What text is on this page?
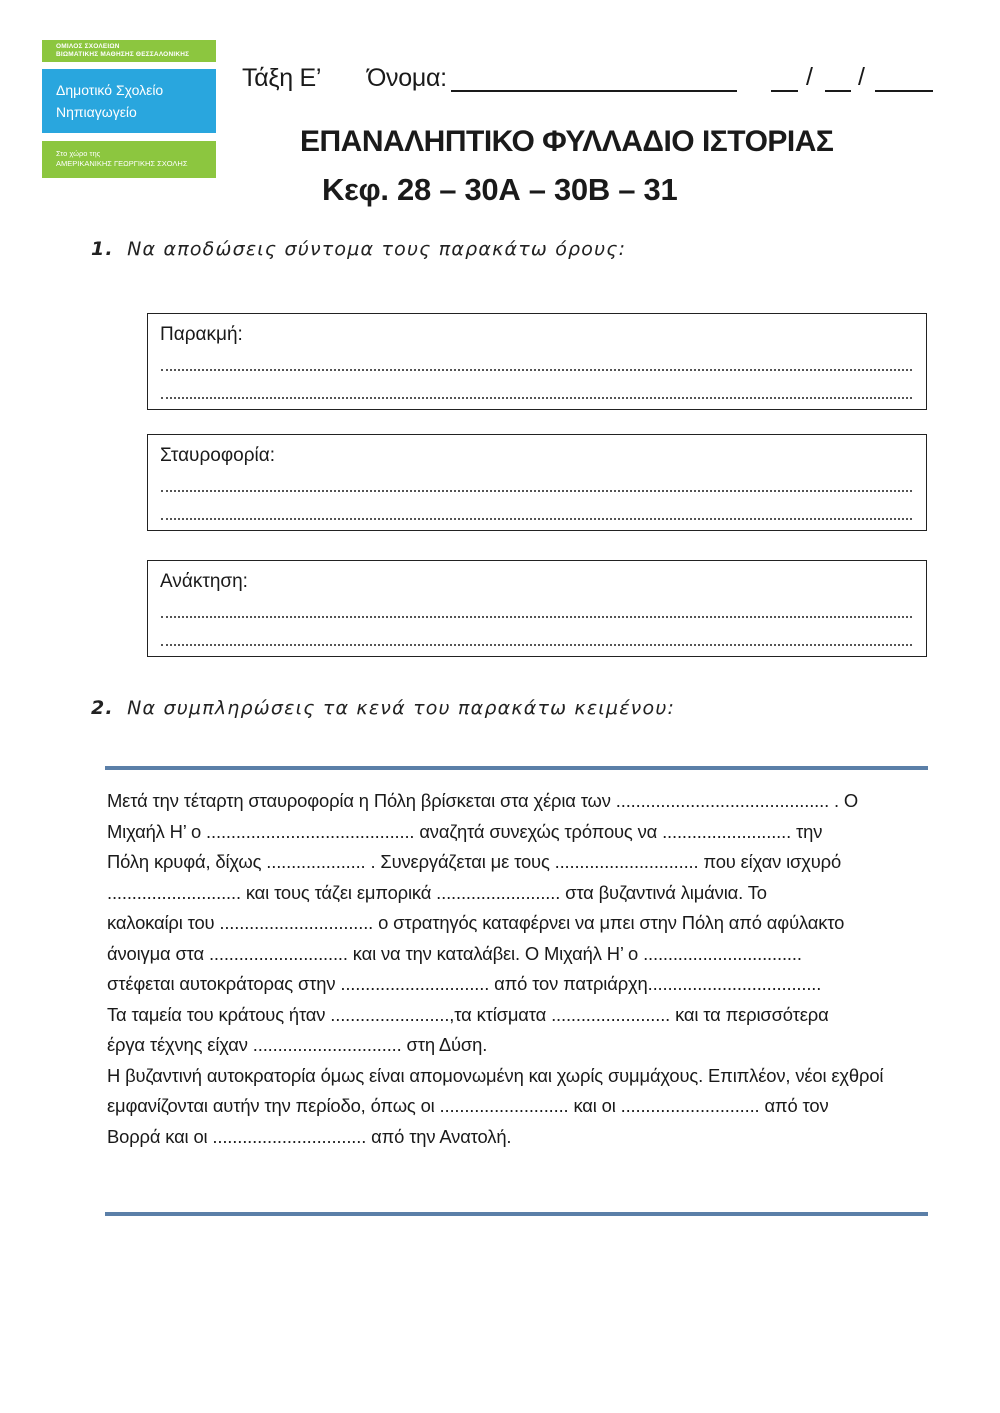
ΟΜΙΛΟΣ ΣΧΟΛΕΙΩΝ
ΒΙΩΜΑΤΙΚΗΣ ΜΑΘΗΣΗΣ ΘΕΣΣΑΛΟΝΙΚΗΣ
Δημοτικό Σχολείο
Νηπιαγωγείο
Στο χώρο της
ΑΜΕΡΙΚΑΝΙΚΗΣ ΓΕΩΡΓΙΚΗΣ ΣΧΟΛΗΣ
Τάξη Ε’ Όνομα:	/ /
ΕΠΑΝΑΛΗΠΤΙΚΟ ΦΥΛΛΑΔΙΟ ΙΣΤΟΡΙΑΣ
Κεφ. 28 – 30Α – 30Β – 31
1. Να αποδώσεις σύντομα τους παρακάτω όρους:
Παρακμή:
Σταυροφορία:
Ανάκτηση:
2. Να συμπληρώσεις τα κενά του παρακάτω κειμένου:
Μετά την τέταρτη σταυροφορία η Πόλη βρίσκεται στα χέρια των ........................................... . Ο
Μιχαήλ Η’ ο .......................................... αναζητά συνεχώς τρόπους να .......................... την
Πόλη κρυφά, δίχως .................... . Συνεργάζεται με τους ............................. που είχαν ισχυρό
........................... και τους τάζει εμπορικά ......................... στα βυζαντινά λιμάνια. Το
καλοκαίρι του ............................... ο στρατηγός καταφέρνει να μπει στην Πόλη από αφύλακτο
άνοιγμα στα ............................ και να την καταλάβει. Ο Μιχαήλ Η’ ο ................................
στέφεται αυτοκράτορας στην .............................. από τον πατριάρχη...................................
Τα ταμεία του κράτους ήταν ........................,τα κτίσματα ........................ και τα περισσότερα
έργα τέχνης είχαν .............................. στη Δύση.
Η βυζαντινή αυτοκρατορία όμως είναι απομονωμένη και χωρίς συμμάχους. Επιπλέον, νέοι εχθροί
εμφανίζονται αυτήν την περίοδο, όπως οι .......................... και οι ............................ από τον
Βορρά και οι ............................... από την Ανατολή.
